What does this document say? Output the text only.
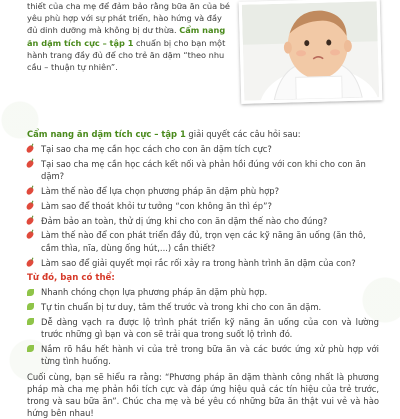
thiết của cha mẹ để đảm bảo rằng bữa ăn của bé yêu phù hợp với sự phát triển, hào hứng và đầy đủ dinh dưỡng mà không bị dư thừa. Cẩm nang ăn dặm tích cực – tập 1 chuẩn bị cho bạn một hành trang đầy đủ để cho trẻ ăn dặm “theo nhu cầu – thuận tự nhiên”.

Cẩm nang ăn dặm tích cực – tập 1 giải quyết các câu hỏi sau:

Tại sao cha mẹ cần học cách cho con ăn dặm tích cực?
Tại sao cha mẹ cần học cách kết nối và phản hồi đúng với con khi cho con ăn dặm?
Làm thế nào để lựa chọn phương pháp ăn dặm phù hợp?
Làm sao để thoát khỏi tư tưởng “con không ăn thì ép”?
Đảm bảo an toàn, thử dị ứng khi cho con ăn dặm thế nào cho đúng?
Làm thế nào để con phát triển đầy đủ, trọn vẹn các kỹ năng ăn uống (ăn thô, cầm thìa, nĩa, dùng ống hút,...) cần thiết?
Làm sao để giải quyết mọi rắc rối xảy ra trong hành trình ăn dặm của con?
Từ đó, bạn có thể:
Nhanh chóng chọn lựa phương pháp ăn dặm phù hợp.
Tự tin chuẩn bị tư duy, tâm thế trước và trong khi cho con ăn dặm.
Dễ dàng vạch ra được lộ trình phát triển kỹ năng ăn uống của con và lường trước những gì bạn và con sẽ trải qua trong suốt lộ trình đó.
Nắm rõ hầu hết hành vi của trẻ trong bữa ăn và các bước ứng xử phù hợp với từng tình huống.

Cuối cùng, bạn sẽ hiểu ra rằng: “Phương pháp ăn dặm thành công nhất là phương pháp mà cha mẹ phản hồi tích cực và đáp ứng hiệu quả các tín hiệu của trẻ trước, trong và sau bữa ăn”. Chúc cha mẹ và bé yêu có những bữa ăn thật vui vẻ và hào hứng bên nhau!
